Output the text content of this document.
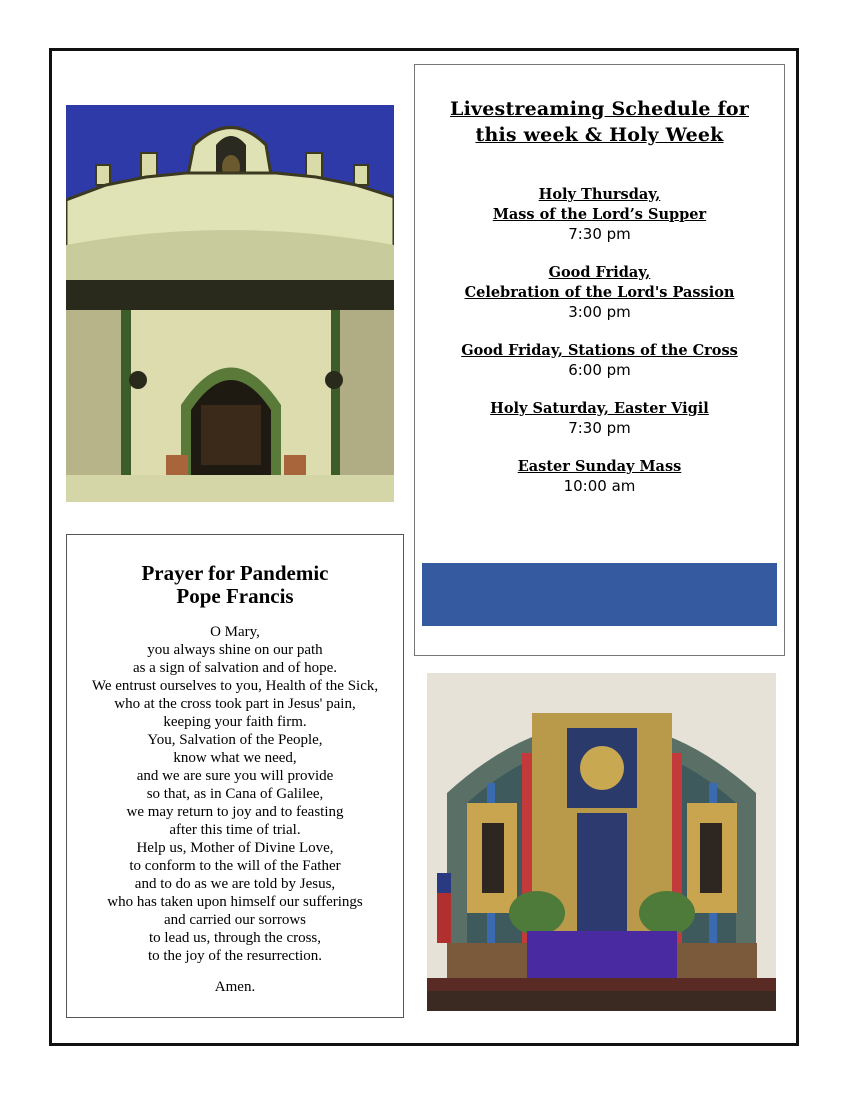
Livestreaming Schedule for
this week & Holy Week
Holy Thursday,
Mass of the Lord’s Supper
7:30 pm
Good Friday,
Celebration of the Lord's Passion
3:00 pm
Good Friday, Stations of the Cross
6:00 pm
Holy Saturday, Easter Vigil
7:30 pm
Easter Sunday Mass
10:00 am
Prayer for Pandemic
Pope Francis
O Mary,
you always shine on our path
as a sign of salvation and of hope.
We entrust ourselves to you, Health of the Sick,
who at the cross took part in Jesus' pain,
keeping your faith firm.
You, Salvation of the People,
know what we need,
and we are sure you will provide
so that, as in Cana of Galilee,
we may return to joy and to feasting
after this time of trial.
Help us, Mother of Divine Love,
to conform to the will of the Father
and to do as we are told by Jesus,
who has taken upon himself our sufferings
and carried our sorrows
to lead us, through the cross,
to the joy of the resurrection.
Amen.
